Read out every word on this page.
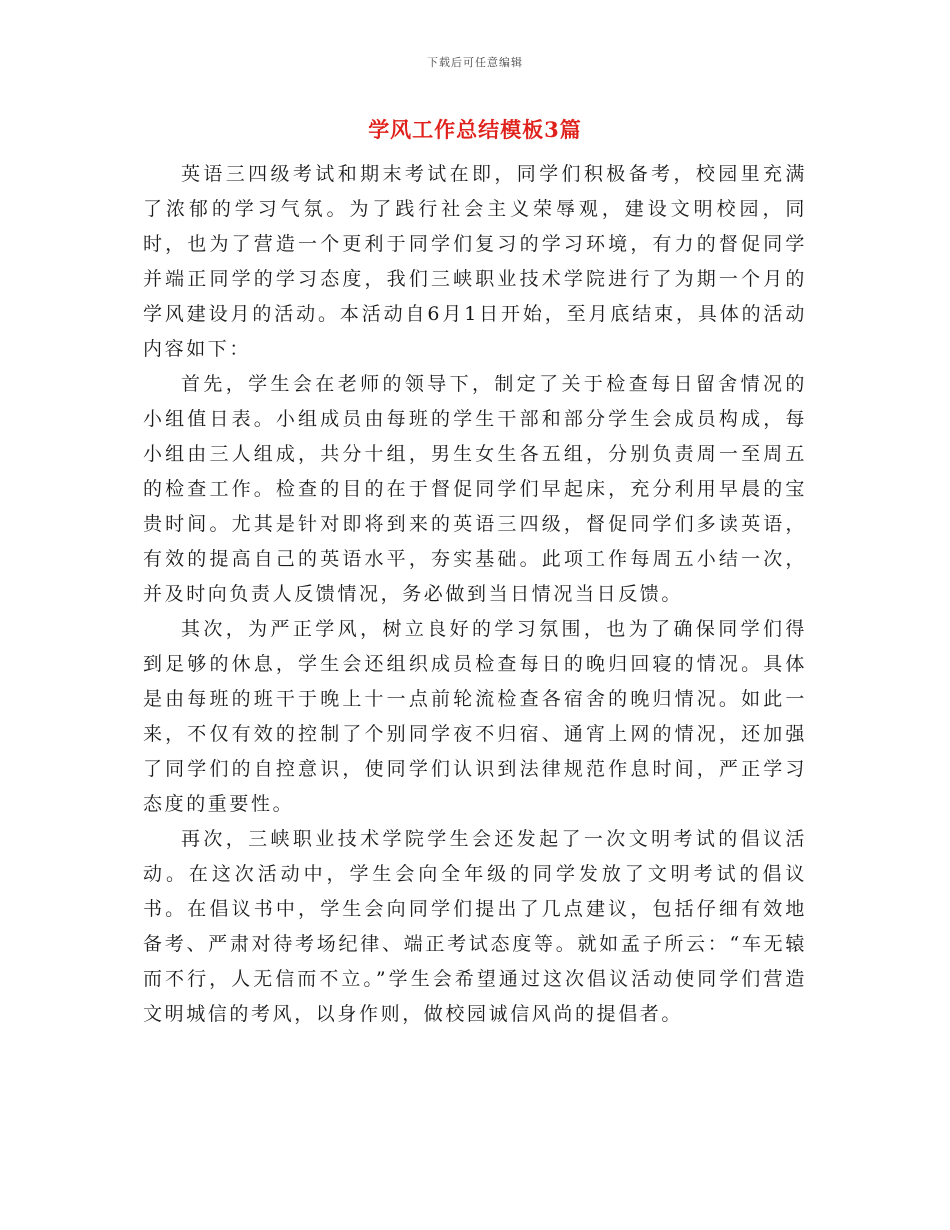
下载后可任意编辑
学风工作总结模板3篇

英语三四级考试和期末考试在即，同学们积极备考，校园里充满了浓郁的学习气氛。为了践行社会主义荣辱观，建设文明校园，同时，也为了营造一个更利于同学们复习的学习环境，有力的督促同学并端正同学的学习态度，我们三峡职业技术学院进行了为期一个月的学风建设月的活动。本活动自6月1日开始，至月底结束，具体的活动内容如下：

首先，学生会在老师的领导下，制定了关于检查每日留舍情况的小组值日表。小组成员由每班的学生干部和部分学生会成员构成，每小组由三人组成，共分十组，男生女生各五组，分别负责周一至周五的检查工作。检查的目的在于督促同学们早起床，充分利用早晨的宝贵时间。尤其是针对即将到来的英语三四级，督促同学们多读英语，有效的提高自己的英语水平，夯实基础。此项工作每周五小结一次，并及时向负责人反馈情况，务必做到当日情况当日反馈。

其次，为严正学风，树立良好的学习氛围，也为了确保同学们得到足够的休息，学生会还组织成员检查每日的晚归回寝的情况。具体是由每班的班干于晚上十一点前轮流检查各宿舍的晚归情况。如此一来，不仅有效的控制了个别同学夜不归宿、通宵上网的情况，还加强了同学们的自控意识，使同学们认识到法律规范作息时间，严正学习态度的重要性。

再次，三峡职业技术学院学生会还发起了一次文明考试的倡议活动。在这次活动中，学生会向全年级的同学发放了文明考试的倡议书。在倡议书中，学生会向同学们提出了几点建议，包括仔细有效地备考、严肃对待考场纪律、端正考试态度等。就如孟子所云：“车无辕而不行，人无信而不立。”学生会希望通过这次倡议活动使同学们营造文明城信的考风，以身作则，做校园诚信风尚的提倡者。
